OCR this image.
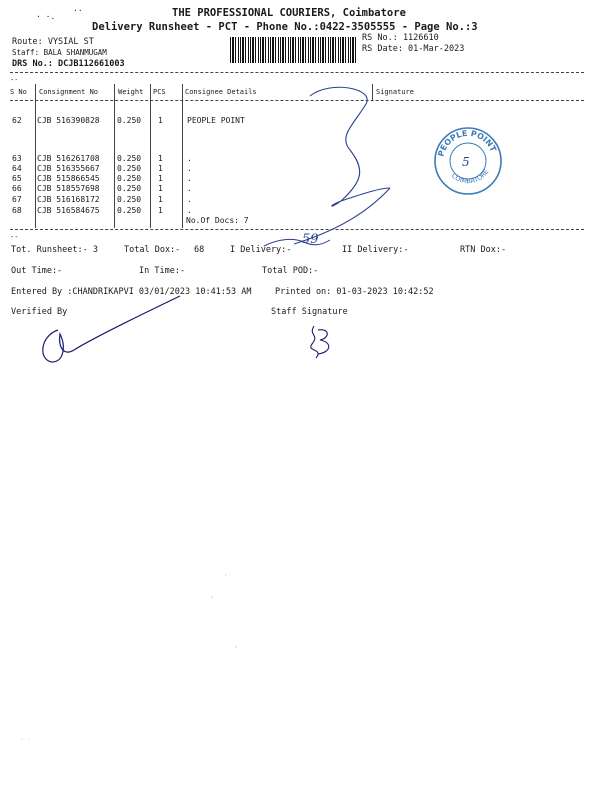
· ·.
··	THE PROFESSIONAL COURIERS, Coimbatore
Delivery Runsheet - PCT - Phone No.:0422-3505555 - Page No.:3
Route: VYSIAL ST
Staff: BALA SHANMUGAM
DRS No.: DCJB112661003
RS No.: 1126610
RS Date: 01-Mar-2023
--
S No Consignment No	Weight PCS	Consignee Details	Signature
62 CJB 516390828 0.250 1	PEOPLE POINT
63 CJB 516261708 0.250 1	.
64 CJB 516355667 0.250 1	.
65 CJB 515866545 0.250 1	.
66 CJB 518557698 0.250 1	.
67 CJB 516168172 0.250 1	.
68 CJB 516584675 0.250 1	.
No.Of Docs: 7
--
Tot. Runsheet:- 3	Total Dox:- 68	I Delivery:-
59
II Delivery:-	RTN Dox:-
Out Time:-	In Time:-	Total POD:-
Entered By :CHANDRIKAPVI 03/01/2023 10:41:53 AM	Printed on: 01-03-2023 10:42:52
Verified By	Staff Signature
PEOPLE POINT
COIMBATORE
5
·
·
·
· ·
